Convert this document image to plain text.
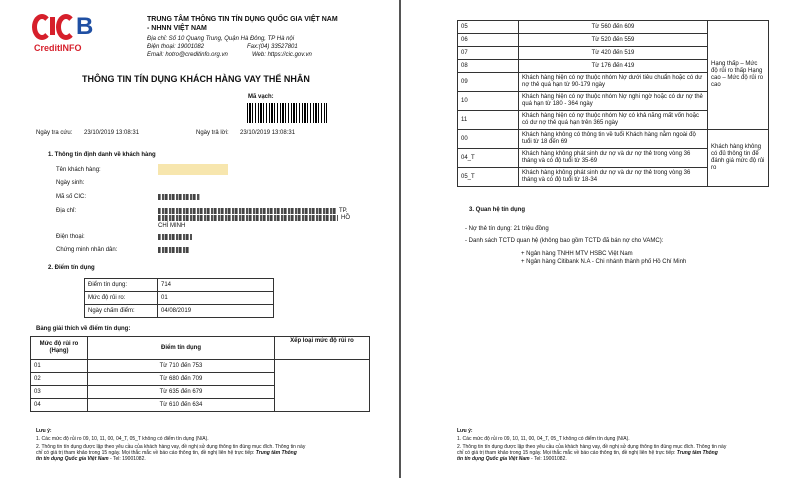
B
CreditINFO
TRUNG TÂM THÔNG TIN TÍN DỤNG QUỐC GIA VIỆT NAM
- NHNN VIỆT NAM
Địa chỉ: Số 10 Quang Trung, Quận Hà Đông, TP Hà nội
Điện thoại: 19001082	Fax:(04) 33527801
Email: hotro@creditinfo.org.vn	Web: https://cic.gov.vn
THÔNG TIN TÍN DỤNG KHÁCH HÀNG VAY THỂ NHÂN
Mã vạch:
Ngày tra cứu: 23/10/2019 13:08:31	Ngày trả lời: 23/10/2019 13:08:31
1. Thông tin định danh về khách hàng
Tên khách hàng:
Ngày sinh:
Mã số CIC:
Địa chỉ:	TP.
HỒ
CHÍ MINH
Điện thoại:
Chứng minh nhân dân:
2. Điểm tín dụng
Điểm tín dụng:	714
Mức độ rủi ro:	01
Ngày chấm điểm:	04/08/2019
Bảng giải thích về điểm tín dụng:
Mức độ rủi ro (Hạng)	Điểm tín dụng	Xếp loại mức độ rủi ro
01	Từ 710 đến 753	
02	Từ 680 đến 709	
03	Từ 635 đến 679	
04	Từ 610 đến 634	
Lưu ý:
1. Các mức độ rủi ro 09, 10, 11, 00, 04_T, 05_T không có điểm tín dụng (N/A).
2. Thông tin tín dụng được lập theo yêu cầu của khách hàng vay, đề nghị sử dụng thông tin đúng mục đích. Thông tin này
chỉ có giá trị tham khảo trong 15 ngày. Mọi thắc mắc về báo cáo thông tin, đề nghị liên hệ trực tiếp: Trung tâm Thông
tin tín dụng Quốc gia Việt Nam - Tel: 19001082.
05	Từ 560 đến 609	Hạng thấp – Mức độ rủi ro thấp Hạng cao – Mức độ rủi ro cao
06	Từ 520 đến 559	
07	Từ 420 đến 519	
08	Từ 176 đến 419	
09	Khách hàng hiện có nợ thuộc nhóm Nợ dưới tiêu chuẩn hoặc có dư nợ thẻ quá hạn từ 90-179 ngày	
10	Khách hàng hiện có nợ thuộc nhóm Nợ nghi ngờ hoặc có dư nợ thẻ quá hạn từ 180 - 364 ngày	
11	Khách hàng hiện có nợ thuộc nhóm Nợ có khả năng mất vốn hoặc có dư nợ thẻ quá hạn trên 365 ngày	
00	Khách hàng không có thông tin về tuổi Khách hàng nằm ngoài độ tuổi từ 18 đến 69	Khách hàng không có đủ thông tin để đánh giá mức độ rủi ro
04_T	Khách hàng không phát sinh dư nợ và dư nợ thẻ trong vòng 36 tháng và có độ tuổi từ 35-69	
05_T	Khách hàng không phát sinh dư nợ và dư nợ thẻ trong vòng 36 tháng và có độ tuổi từ 18-34	
3. Quan hệ tín dụng
- Nợ thẻ tín dụng: 21 triệu đồng
- Danh sách TCTD quan hệ (không bao gồm TCTD đã bán nợ cho VAMC):
+ Ngân hàng TNHH MTV HSBC Việt Nam
+ Ngân hàng Citibank N.A - Chi nhánh thành phố Hồ Chí Minh
Lưu ý:
1. Các mức độ rủi ro 09, 10, 11, 00, 04_T, 05_T không có điểm tín dụng (N/A).
2. Thông tin tín dụng được lập theo yêu cầu của khách hàng vay, đề nghị sử dụng thông tin đúng mục đích. Thông tin này
chỉ có giá trị tham khảo trong 15 ngày. Mọi thắc mắc về báo cáo thông tin, đề nghị liên hệ trực tiếp: Trung tâm Thông
tin tín dụng Quốc gia Việt Nam - Tel: 19001082.
